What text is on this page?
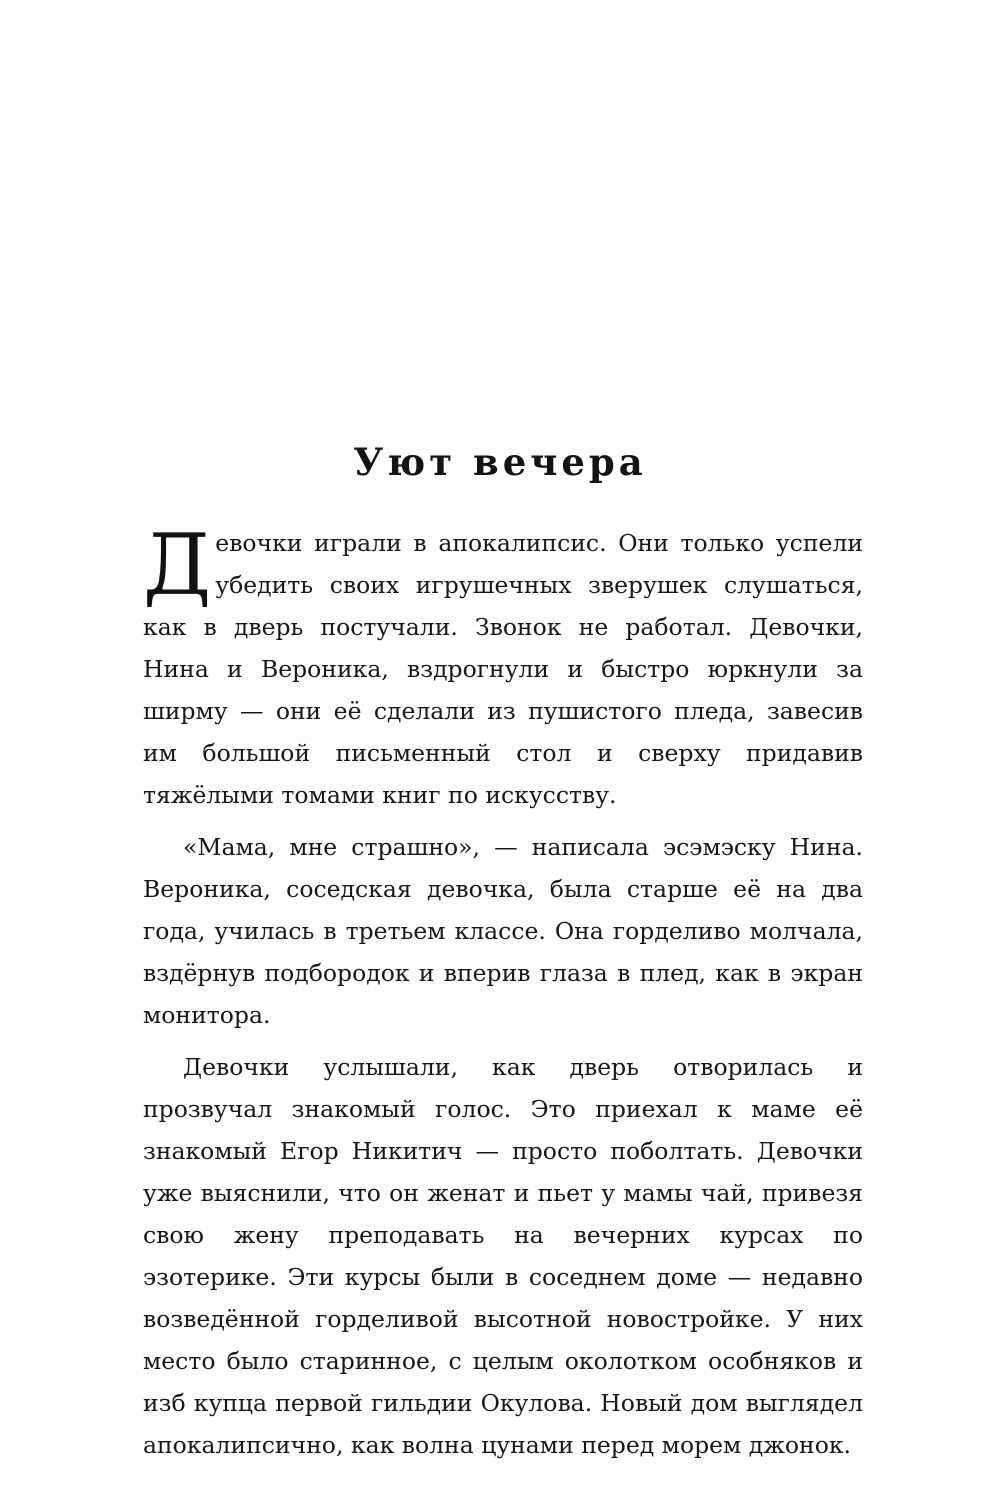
Уют вечера

Девочки играли в апокалипсис. Они только успели убедить своих игрушечных зверушек слушаться, как в дверь постучали. Звонок не работал. Девочки, Нина и Вероника, вздрогнули и быстро юркнули за ширму — они её сделали из пушистого пледа, завесив им большой письменный стол и сверху придавив тяжёлыми томами книг по искусству.

«Мама, мне страшно», — написала эсэмэску Нина. Вероника, соседская девочка, была старше её на два года, училась в третьем классе. Она горделиво молчала, вздёрнув подбородок и вперив глаза в плед, как в экран монитора.

Девочки услышали, как дверь отворилась и прозвучал знакомый голос. Это приехал к маме её знакомый Егор Никитич — просто поболтать. Девочки уже выяснили, что он женат и пьет у мамы чай, привезя свою жену преподавать на вечерних курсах по эзотерике. Эти курсы были в соседнем доме — недавно возведённой горделивой высотной новостройке. У них место было старинное, с целым околотком особняков и изб купца первой гильдии Окулова. Новый дом выглядел апокалипсично, как волна цунами перед морем джонок.
